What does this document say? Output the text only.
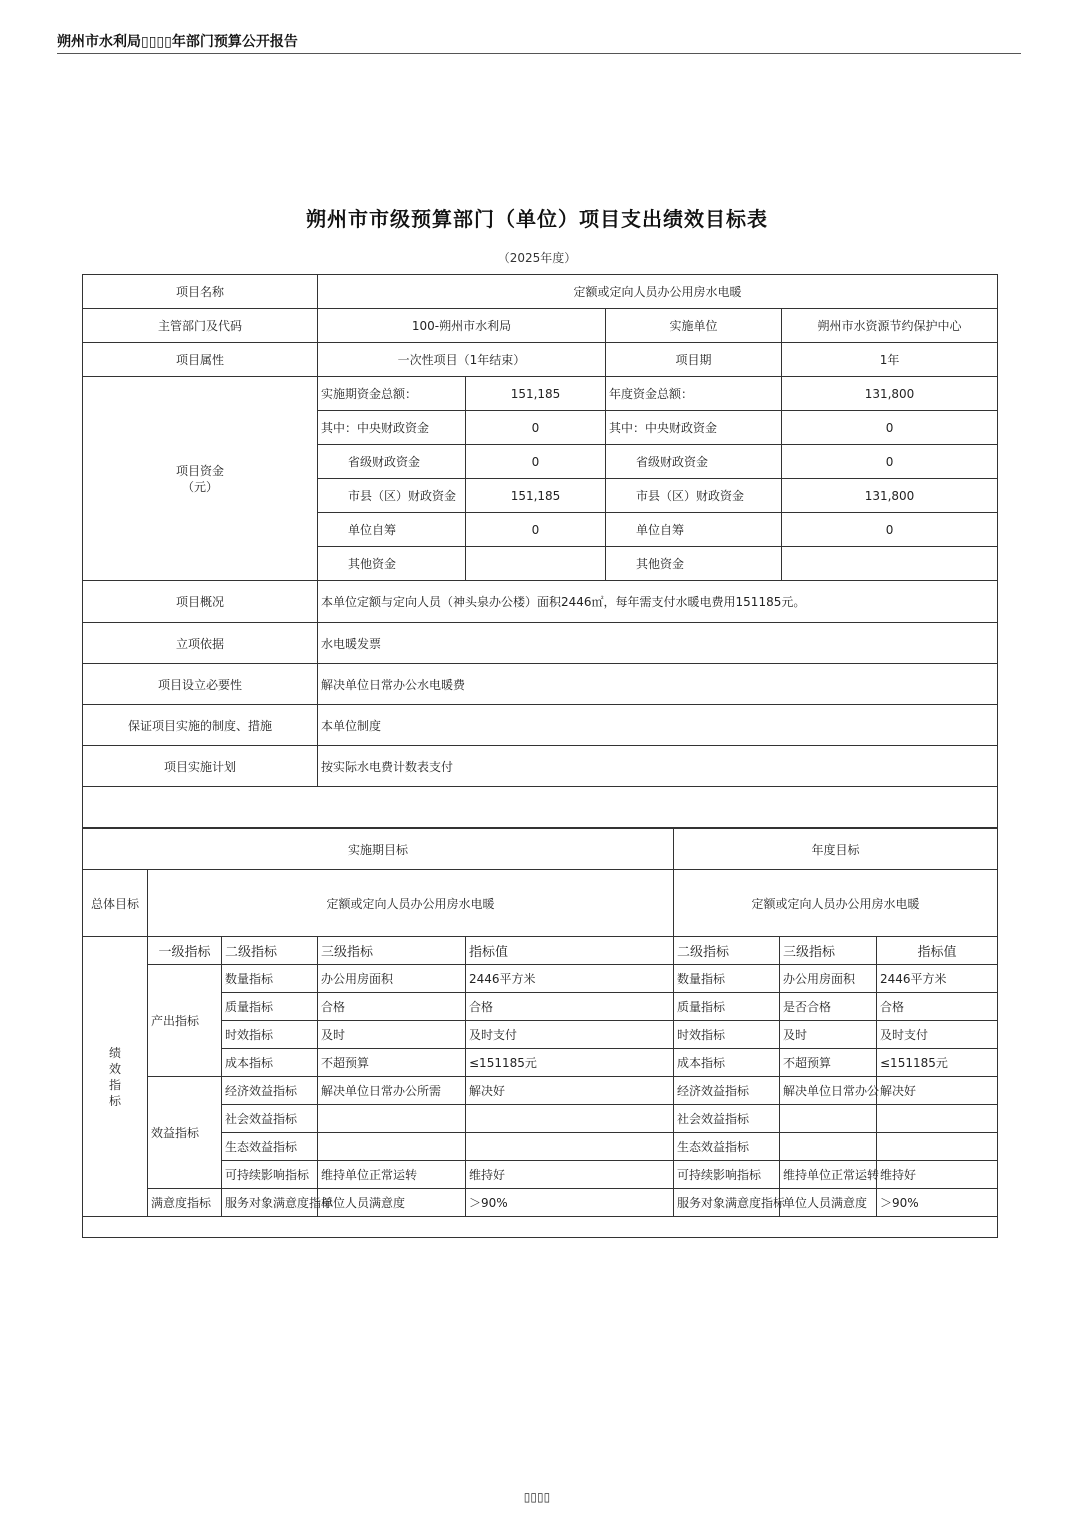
朔州市水利局▯▯▯▯年部门预算公开报告
朔州市市级预算部门（单位）项目支出绩效目标表
（2025年度）
项目名称	定额或定向人员办公用房水电暖			
主管部门及代码	100-朔州市水利局		实施单位	朔州市水资源节约保护中心
项目属性	一次性项目（1年结束）		项目期	1年

项目资金
（元）	实施期资金总额：	151,185	年度资金总额：	131,800
	其中：中央财政资金	0	其中：中央财政资金	0
	省级财政资金	0	省级财政资金	0
	市县（区）财政资金	151,185	市县（区）财政资金	131,800
	单位自筹	0	单位自筹	0
	其他资金		其他资金	
项目概况	本单位定额与定向人员（神头泉办公楼）面积2446㎡，每年需支付水暖电费用151185元。			
立项依据	水电暖发票			
项目设立必要性	解决单位日常办公水电暖费			
保证项目实施的制度、措施	本单位制度			
项目实施计划	按实际水电费计数表支付			

实施期目标		年度目标
总体目标	定额或定向人员办公用房水电暖	定额或定向人员办公用房水电暖
绩
效
指
标	一级指标	二级指标	三级指标	指标值	二级指标	三级指标	指标值
	产出指标	数量指标	办公用房面积	2446平方米	数量指标	办公用房面积	2446平方米
		质量指标	合格	合格	质量指标	是否合格	合格
		时效指标	及时	及时支付	时效指标	及时	及时支付
		成本指标	不超预算	≤151185元	成本指标	不超预算	≤151185元
	效益指标	经济效益指标	解决单位日常办公所需	解决好	经济效益指标	解决单位日常办公	解决好
		社会效益指标			社会效益指标		
		生态效益指标			生态效益指标		
		可持续影响指标	维持单位正常运转	维持好	可持续影响指标	维持单位正常运转	维持好
	满意度指标	服务对象满意度指标	单位人员满意度	＞90%	服务对象满意度指标	单位人员满意度	＞90%

▯▯▯▯
